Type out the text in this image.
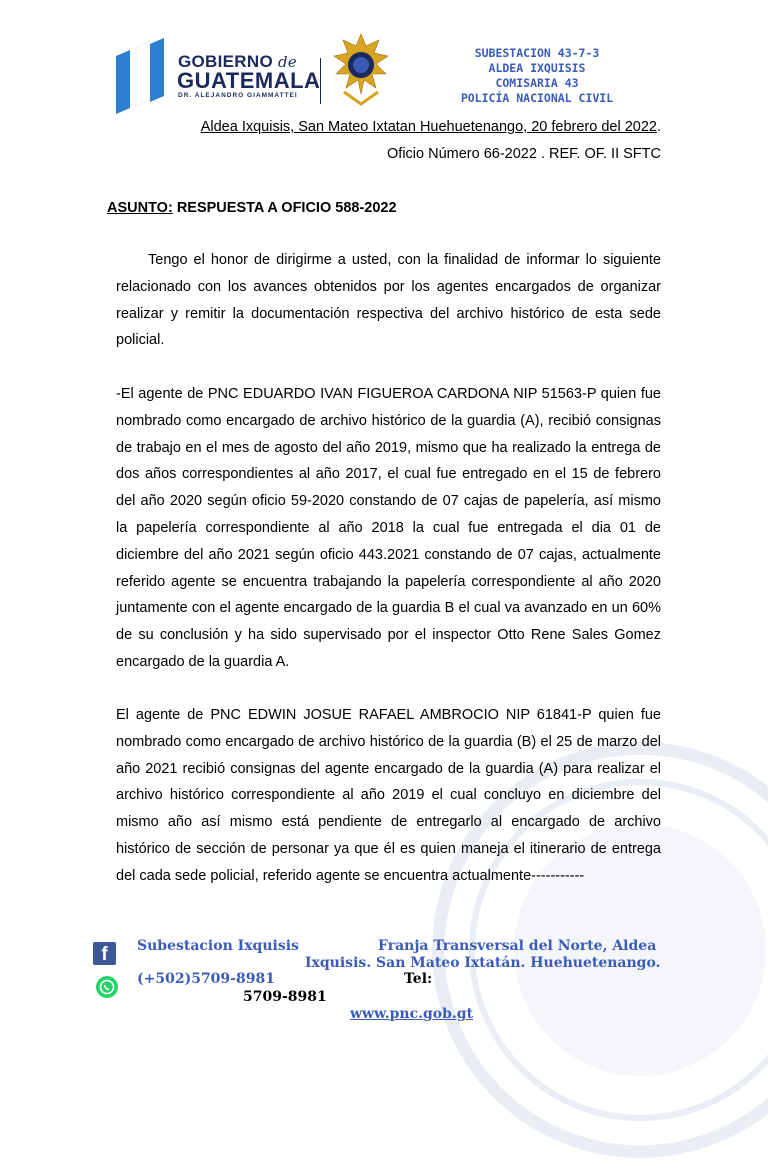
GOBIERNO de
GUATEMALA
DR. ALEJANDRO GIAMMATTEI
SUBESTACION 43-7-3
ALDEA IXQUISIS
COMISARIA 43
POLICÍA NACIONAL CIVIL
Aldea Ixquisis, San Mateo Ixtatan Huehuetenango, 20 febrero del 2022.
Oficio Número 66-2022 . REF. OF. II SFTC
ASUNTO: RESPUESTA A OFICIO 588-2022
Tengo el honor de dirigirme a usted, con la finalidad de informar lo siguiente relacionado con los avances obtenidos por los agentes encargados de organizar realizar y remitir la documentación respectiva del archivo histórico de esta sede policial.
-El agente de PNC EDUARDO IVAN FIGUEROA CARDONA NIP 51563-P quien fue nombrado como encargado de archivo histórico de la guardia (A), recibió consignas de trabajo en el mes de agosto del año 2019, mismo que ha realizado la entrega de dos años correspondientes al año 2017, el cual fue entregado en el 15 de febrero del año 2020 según oficio 59-2020 constando de 07 cajas de papelería, así mismo la papelería correspondiente al año 2018 la cual fue entregada el dia 01 de diciembre del año 2021 según oficio 443.2021 constando de 07 cajas, actualmente referido agente se encuentra trabajando la papelería correspondiente al año 2020 juntamente con el agente encargado de la guardia B el cual va avanzado en un 60% de su conclusión y ha sido supervisado por el inspector Otto Rene Sales Gomez encargado de la guardia A.
El agente de PNC EDWIN JOSUE RAFAEL AMBROCIO NIP 61841-P quien fue nombrado como encargado de archivo histórico de la guardia (B) el 25 de marzo del año 2021 recibió consignas del agente encargado de la guardia (A) para realizar el archivo histórico correspondiente al año 2019 el cual concluyo en diciembre del mismo año así mismo está pendiente de entregarlo al encargado de archivo histórico de sección de personar ya que él es quien maneja el itinerario de entrega del cada sede policial, referido agente se encuentra actualmente-----------
f	Subestacion Ixquisis
(+502)5709-8981
Franja Transversal del Norte, Aldea
Ixquisis. San Mateo Ixtatán. Huehuetenango.
Tel:
5709-8981
www.pnc.gob.gt
